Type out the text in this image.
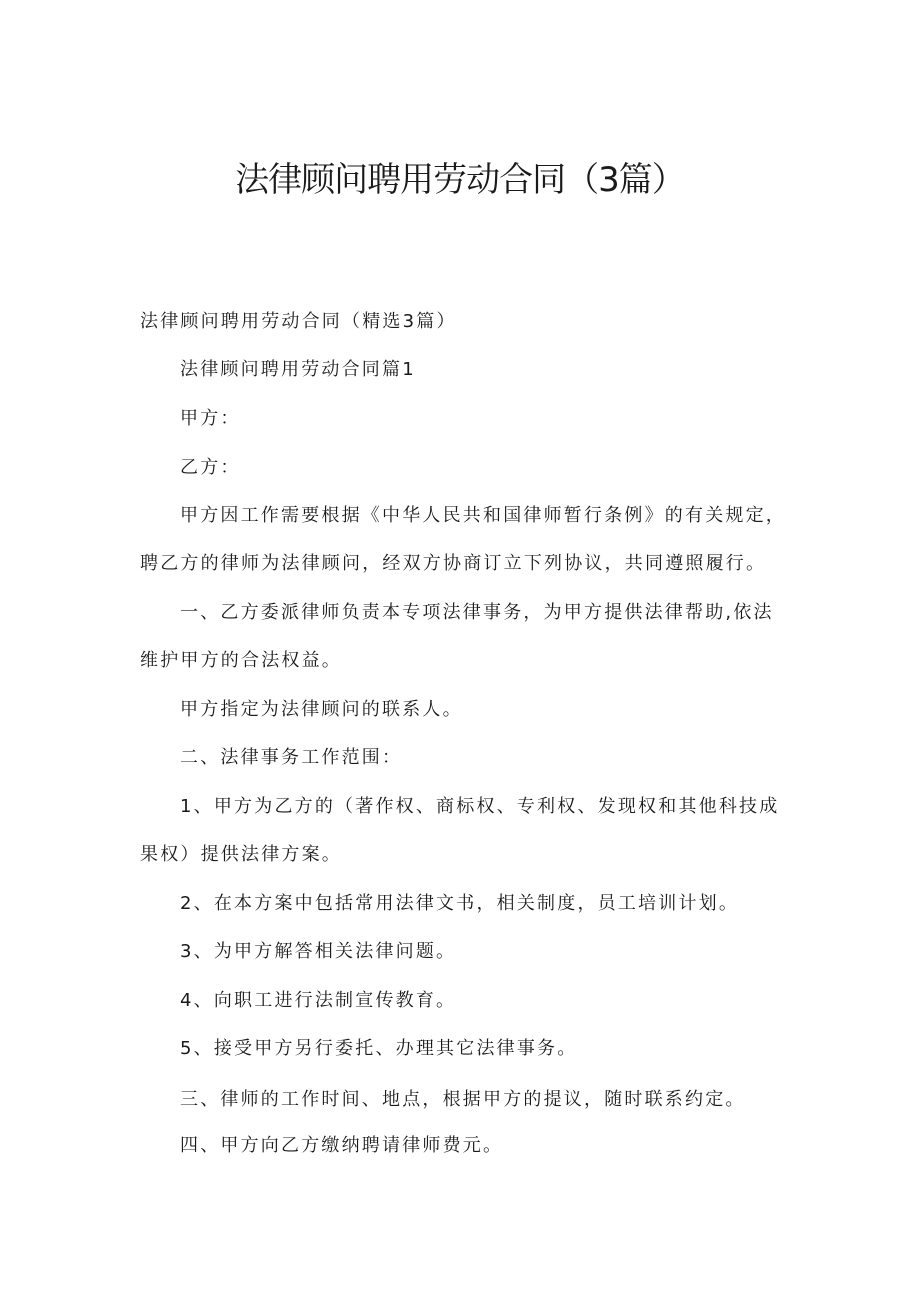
法律顾问聘用劳动合同（3篇）
法律顾问聘用劳动合同（精选3篇）
法律顾问聘用劳动合同篇1
甲方：
乙方：
甲方因工作需要根据《中华人民共和国律师暂行条例》的有关规定，
聘乙方的律师为法律顾问，经双方协商订立下列协议，共同遵照履行。
一、乙方委派律师负责本专项法律事务，为甲方提供法律帮助,依法
维护甲方的合法权益。
甲方指定为法律顾问的联系人。
二、法律事务工作范围：
1、甲方为乙方的（著作权、商标权、专利权、发现权和其他科技成
果权）提供法律方案。
2、在本方案中包括常用法律文书，相关制度，员工培训计划。
3、为甲方解答相关法律问题。
4、向职工进行法制宣传教育。
5、接受甲方另行委托、办理其它法律事务。
三、律师的工作时间、地点，根据甲方的提议，随时联系约定。
四、甲方向乙方缴纳聘请律师费元。
